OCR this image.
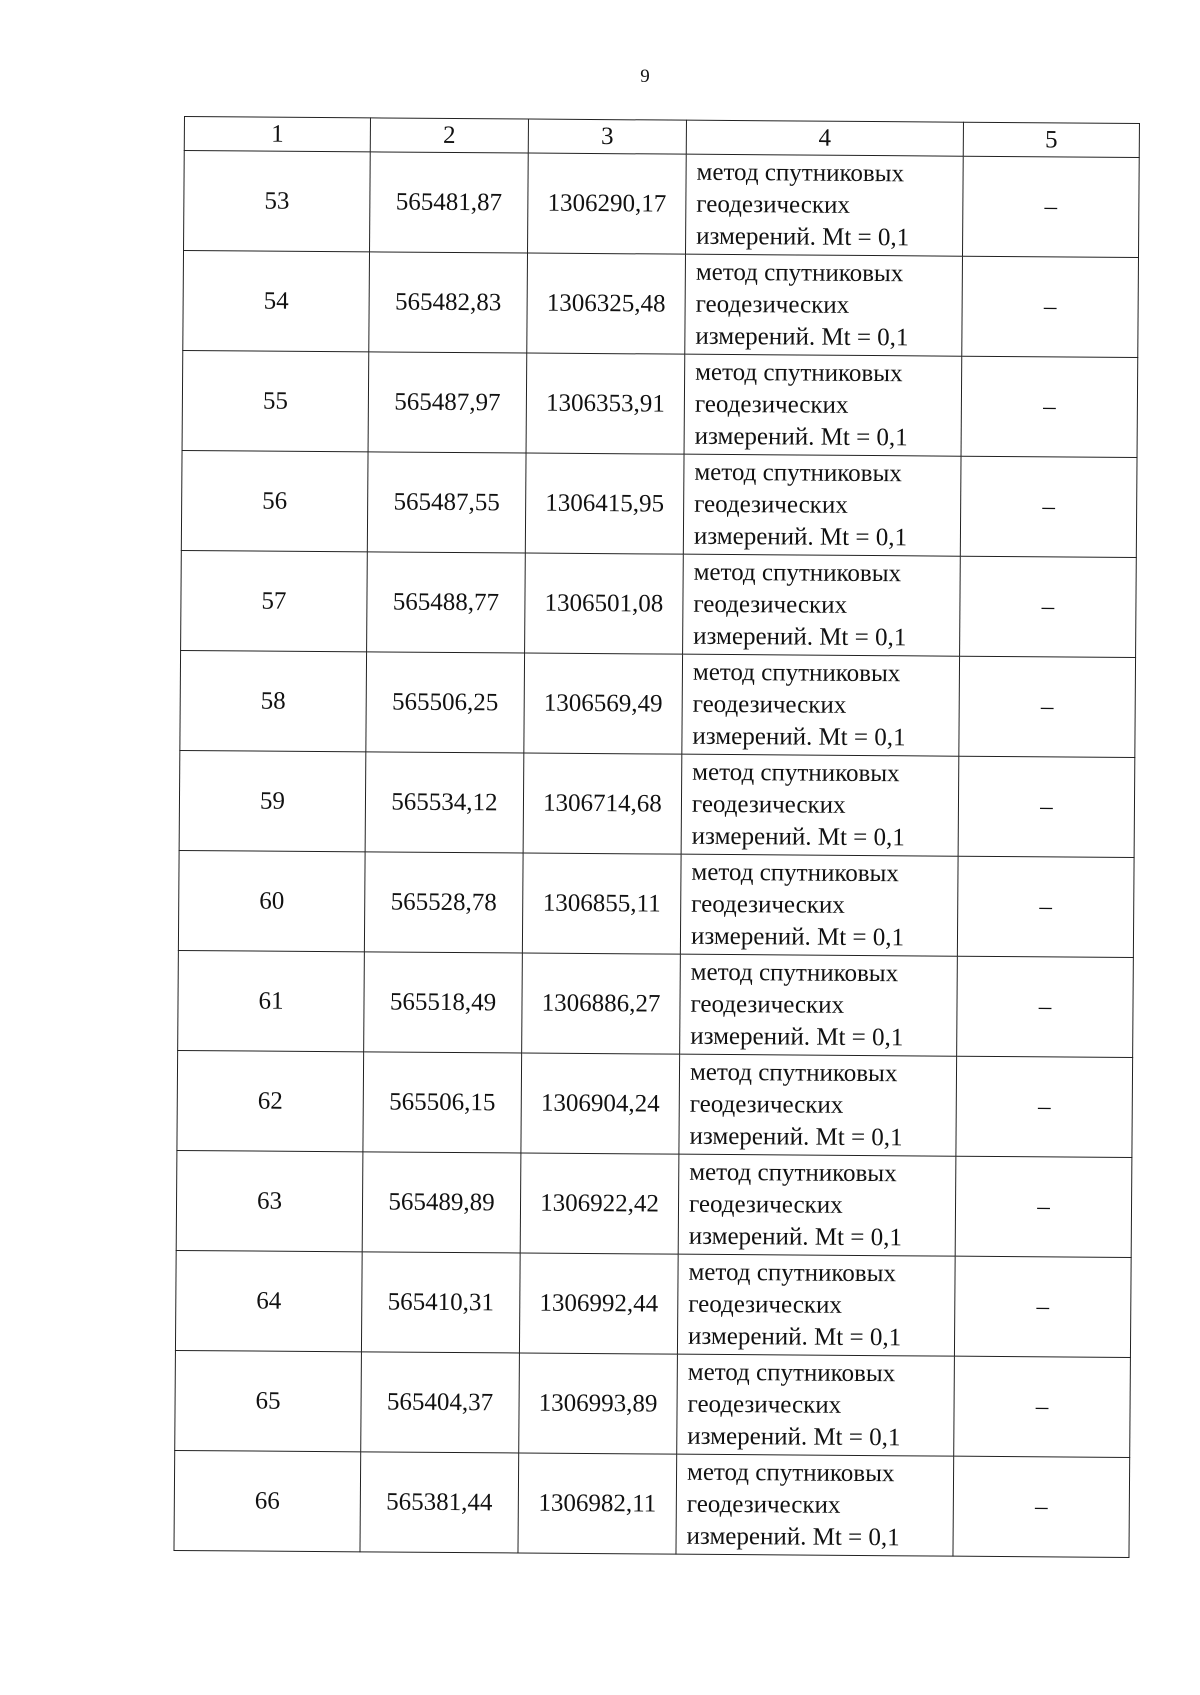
9
1	2	3	4	5
53	565481,87	1306290,17	метод спутниковых
геодезических
измерений. Mt = 0,1	–
54	565482,83	1306325,48	метод спутниковых
геодезических
измерений. Mt = 0,1	–
55	565487,97	1306353,91	метод спутниковых
геодезических
измерений. Mt = 0,1	–
56	565487,55	1306415,95	метод спутниковых
геодезических
измерений. Mt = 0,1	–
57	565488,77	1306501,08	метод спутниковых
геодезических
измерений. Mt = 0,1	–
58	565506,25	1306569,49	метод спутниковых
геодезических
измерений. Mt = 0,1	–
59	565534,12	1306714,68	метод спутниковых
геодезических
измерений. Mt = 0,1	–
60	565528,78	1306855,11	метод спутниковых
геодезических
измерений. Mt = 0,1	–
61	565518,49	1306886,27	метод спутниковых
геодезических
измерений. Mt = 0,1	–
62	565506,15	1306904,24	метод спутниковых
геодезических
измерений. Mt = 0,1	–
63	565489,89	1306922,42	метод спутниковых
геодезических
измерений. Mt = 0,1	–
64	565410,31	1306992,44	метод спутниковых
геодезических
измерений. Mt = 0,1	–
65	565404,37	1306993,89	метод спутниковых
геодезических
измерений. Mt = 0,1	–
66	565381,44	1306982,11	метод спутниковых
геодезических
измерений. Mt = 0,1	–
